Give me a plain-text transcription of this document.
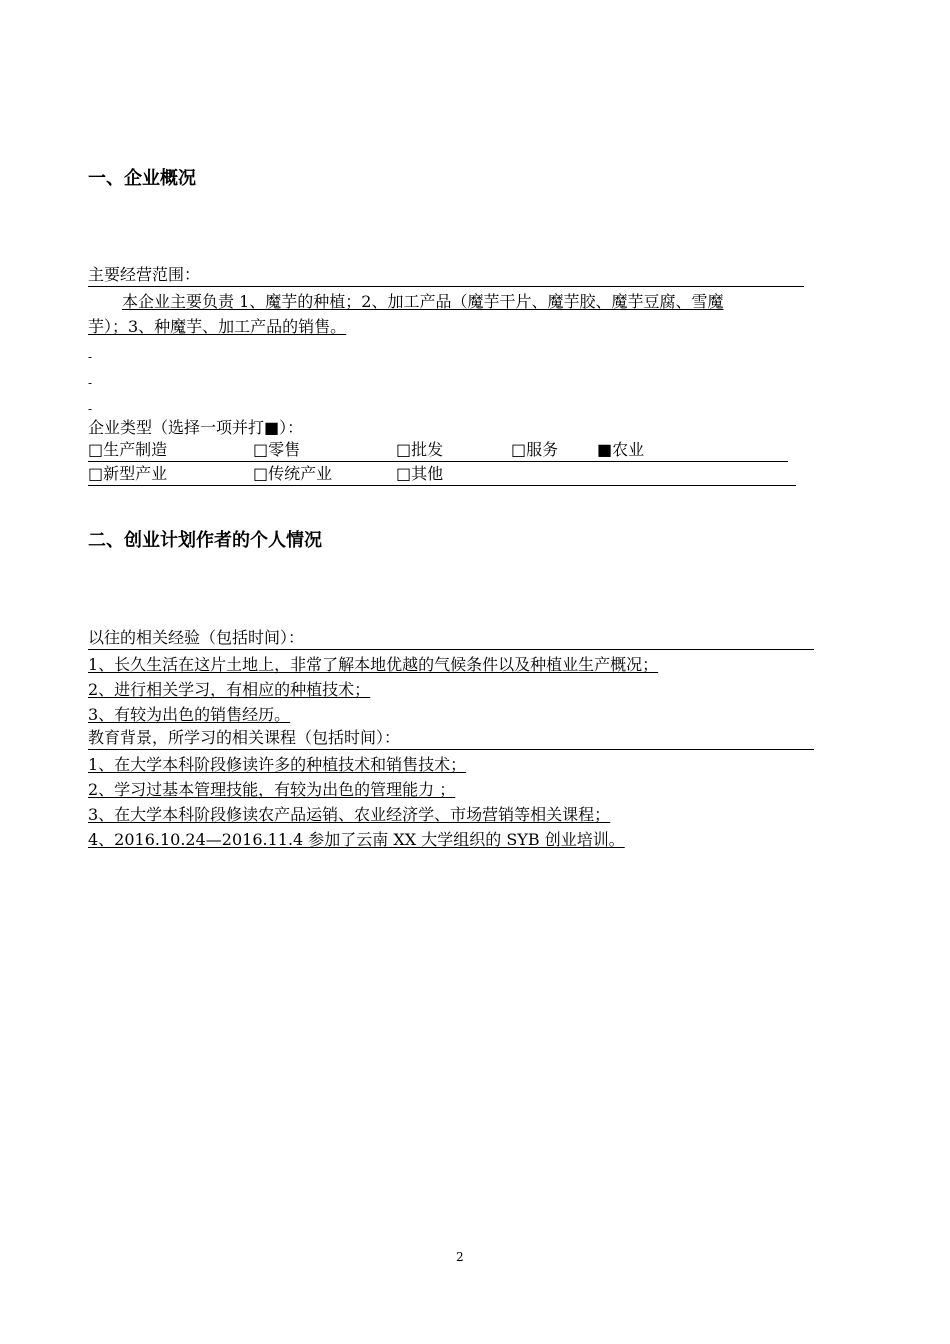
一、企业概况
主要经营范围：
本企业主要负责 1、魔芋的种植；2、加工产品（魔芋干片、魔芋胶、魔芋豆腐、雪魔
芋）；3、种魔芋、加工产品的销售。
-
-
-
企业类型（选择一项并打■）：
□生产制造	□零售	□批发	□服务 ■农业
□新型产业	□传统产业	□其他
二、创业计划作者的个人情况
以往的相关经验（包括时间）：
1、长久生活在这片土地上，非常了解本地优越的气候条件以及种植业生产概况；
2、进行相关学习，有相应的种植技术；
3、有较为出色的销售经历。
教育背景，所学习的相关课程（包括时间）：
1、在大学本科阶段修读许多的种植技术和销售技术；
2、学习过基本管理技能，有较为出色的管理能力 ；
3、在大学本科阶段修读农产品运销、农业经济学、市场营销等相关课程；
4、2016.10.24—2016.11.4 参加了云南 XX 大学组织的 SYB 创业培训。
2
